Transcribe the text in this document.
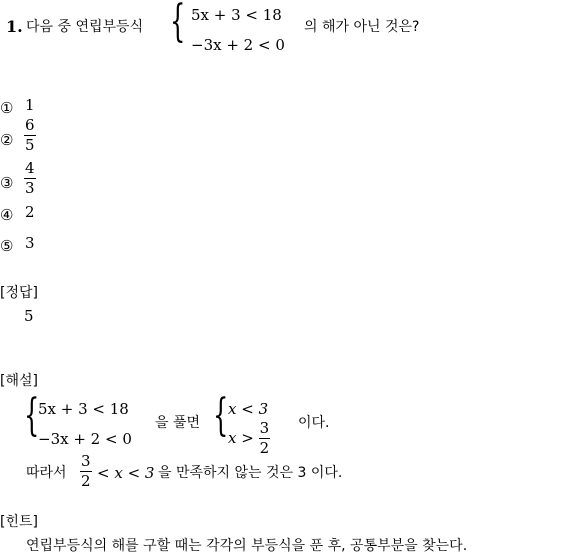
1. 다음 중 연립부등식 { 5x + 3 < 18
−3x + 2 < 0
의 해가 아닌 것은?
① 1
② $\frac{6}{5}$
③ $\frac{4}{3}$
④ 2
⑤ 3
[정답]
5
[해설]
{
5x + 3 < 18
−3x + 2 < 0
을 풀면 { x < 3
$x > \frac{3}{2}$ 이다.
따라서 $\frac{3}{2} < x < 3$ 을 만족하지 않는 것은 3 이다.
[힌트]
연립부등식의 해를 구할 때는 각각의 부등식을 푼 후, 공통부분을 찾는다.
